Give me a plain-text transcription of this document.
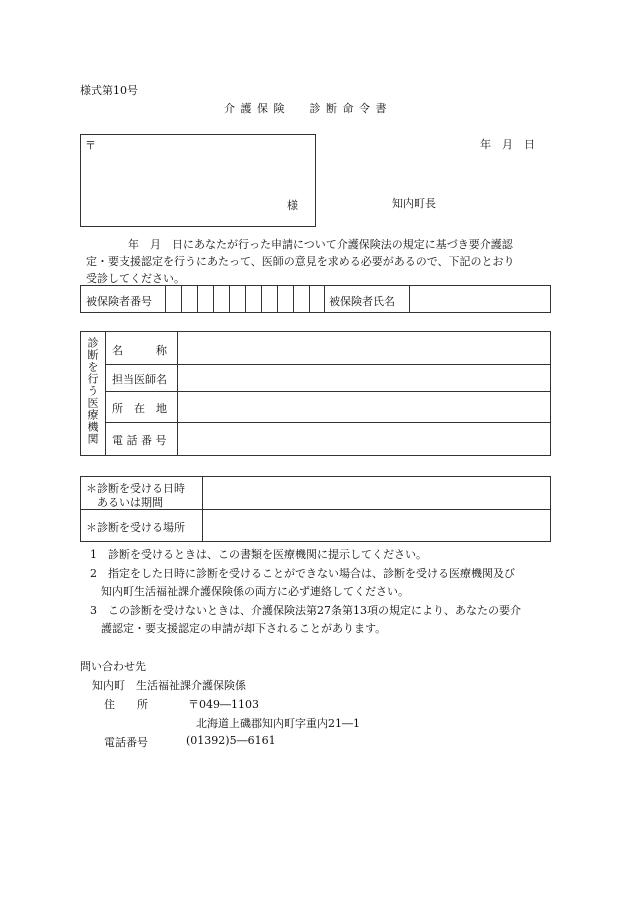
様式第10号
介 護 保 険　　診 断 命 令 書
〒
様
年　月　日
知内町長
　　年　月　日にあなたが行った申請について介護保険法の規定に基づき要介護認
定・要支援認定を行うにあたって、医師の意見を求める必要があるので、下記のとおり
受診してください。
被保険者番号	被保険者氏名
診断を行う医療機関 名　　　称
担当医師名
所　在　地
電 話 番 号
＊診断を受ける日時
　あるいは期間
＊診断を受ける場所
1　診断を受けるときは、この書類を医療機関に提示してください。
2　指定をした日時に診断を受けることができない場合は、診断を受ける医療機関及び
　知内町生活福祉課介護保険係の両方に必ず連絡してください。
3　この診断を受けないときは、介護保険法第27条第13項の規定により、あなたの要介
　護認定・要支援認定の申請が却下されることがあります。
問い合わせ先
知内町　生活福祉課介護保険係
住　　所	〒049―1103
北海道上磯郡知内町字重内21―1
電話番号	(01392)5―6161
